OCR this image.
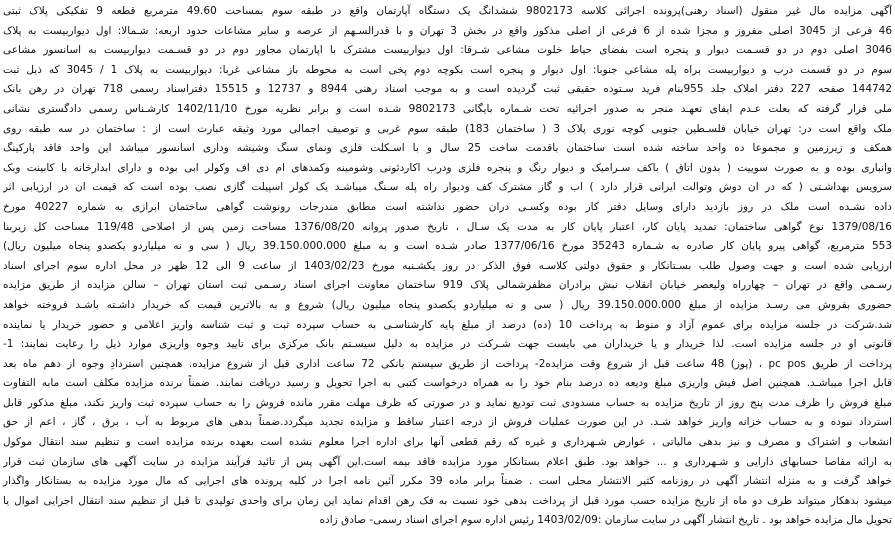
آگهی مزایده مال غیر منقول (اسناد رهنی)پرونده اجرائی کلاسه 9802173 ششدانگ یک دستگاه آپارتمان واقع در طبقه سوم بمساحت 49.60 مترمربع قطعه 9 تفکیکی پلاک ثبتی
46 فرعی از 3045 اصلی مفروز و مجزا شده از 6 فرعی از اصلی مذکور واقع در بخش 3 تهران و با قدرالسـهم از عرصه و سایر مشاعات حدود اربعه: شـمالا: اول دیواربیست به پلاک
3046 اصلی دوم در دو قسـمت دیوار و پنجره است بفضای حیاط خلوت مشاعی شـرقا: اول دیواربیست مشترک با اپارتمان مجاور دوم در دو قسـمت دیواربیست به اسانسور مشاعی
سوم در دو قسمت درب و دیواربیست براه پله مشاعی جنوبا: اول دیوار و پنجره است بکوچه دوم پخی است به محوطه باز مشاعی غربا: دیواربیست به پلاک 1 / 3045 که ذیل ثبت
144742 صفحه 227 دفتر املاک جلد 955بنام فرید سـتوده حقیقی ثبت گردیده است و به موجب اسناد رهنی 8944 و 12737 و 15515 دفتراسناد رسمی 718 تهران در رهن بانک
ملی قرار گرفته که بعلت عـدم ایفای تعهـد منجر به صدور اجرائیه تحت شـماره بایگانی 9802173 شـده است و برابر نظریه مورخ 1402/11/10 کارشـناس رسمی دادگستری نشانی
ملک واقع است در: تهران خیابان فلسـطین جنوبی کوچه نوری پلاک 3 ( ساختمان 183) طبقه سوم غربی و توصیف اجمالی مورد وثیقه عبارت است از : ساختمان در سه طبقه روی
همکف و زیرزمین و مجموعا ده واحد ساخته شده است ساختمان باقدمت ساخت 25 سال و با اسـکلت فلزی ونمای سنگ وشیشه وداری اسانسور میباشد این واحد فاقد پارکینگ
وانباری بوده و به صورت سوییت ( بدون اتاق ) باکف سـرامیک و دیوار رنگ و پنجره فلزی ودرب اکاردئونی وشومینه وکمدهای ام دی اف وکولر ابی بوده و دارای ابدارخانه با کابینت وبک
سرویس بهداشـتی ( که در ان دوش وتوالت ایرانی قرار دارد ) اب و گاز مشترک کف ودیوار راه پله سـنگ میباشـد یک کولر اسپیلت گازی نصب بوده است که قیمت ان در ارزیابی اثر
داده نشـده است ملک در روز بازدید دارای وسایل دفتر کار بوده وکسـی دران حضور نداشته است مطابق مندرجات رونوشت گواهی ساختمان ابرازی به شماره 40227 مورخ
1379/08/16 نوع گواهی ساختمان: تمدید پایان کار، اعتبار پایان کار به مدت یک سـال ، تاریخ صدور پروانه 1376/08/20 مساحت زمین پس از اصلاحی 119/48 مساحت کل زیربنا
553 مترمربع، گواهی پیرو پایان کار صادره به شـماره 35243 مورخ 1377/06/16 صادر شـده است و به مبلغ 39.150.000.000 ریال ( سی و نه میلیاردو یکصدو پنجاه میلیون ریال)
ارزیابی شده است و جهت وصول طلب بسـتانکار و حقوق دولتی کلاسـه فوق الذکر در روز یکشـنبه مورخ 1403/02/23 از ساعت 9 الی 12 ظهر در محل اداره سوم اجرای اسناد
رسـمی واقع در تهران – چهارراه ولیعصر خیابان انقلاب نبش برادران مظفرشمالی پلاک 919 ساختمان معاونت اجرای اسناد رسـمی ثبت استان تهران – سالن مزایده از طریق مزایده
حضوری بفروش می رسـد مزایده از مبلغ 39.150.000.000 ریال ( سی و نه میلیاردو یکصدو پنجاه میلیون ریال) شروع و به بالاترین قیمت که خریدار داشـته باشـد فروخته خواهد
شد.شرکت در جلسه مزایده برای عموم آزاد و منوط به پرداخت 10 (ده) درصد از مبلغ پایه کارشناسـی به حساب سپرده ثبت و ثبت شناسه واریز اعلامی و حضور خریدار یا نماینده
قانونی او در جلسه مزایده است. لذا خریدار و یا خریداران می بایست جهت شـرکت در مزایده به دلیل سیسـتم بانک مرکزی برای تایید وجوه واریزی موارد ذیل را رعایت نمایند: 1-
پرداخت از طریق pc pos ، (پوز) 48 ساعت قبل از شروع وقت مزایده2- پرداخت از طریق سیستم بانکی 72 ساعت اداری قبل از شروع مزایده. همچنین استردادِ وجوه از دهم ماه بعد
قابل اجرا میباشـد. همچنین اصل فیش واریزی مبلغ ودیعه ده درصد بنام خود را به همراه درخواست کتبی به اجرا تحویل و رسید دریافت نمایند. ضمناً برنده مزایده مکلف است مابه التفاوت
مبلغ فروش را ظرف مدت پنج روز از تاریخ مزایده به حساب مسدودی ثبت تودیع نماید و در صورتی که ظرف مهلت مقرر مانده فروش را به حساب سپرده ثبت واریز نکند، مبلغ مذکور قابل
استرداد نبوده و به حساب خزانه واریز خواهد شـد. در این صورت عملیات فروش از درجه اعتبار ساقط و مزایده تجدید میگردد.ضمناً بدهی های مربوط به آب ، برق ، گاز ، اعم از حق
انشعاب و اشتراک و مصرف و نیز بدهی مالیاتی ، عوارض شـهرداری و غیره که رقم قطعی آنها برای اداره اجرا معلوم نشده است بعهده برنده مزایده است و تنظیم سند انتقال موکول
به ارائه مفاصا حسابهای دارایی و شـهرداری و ... خواهد بود. طبق اعلام بستانکار مورد مزایده فاقد بیمه است.این آگهی پس از تائید فرآیند مزایده در سایت آگهی های سازمان ثبت قرار
خواهد گرفت و به منزله انتشار آگهی در روزنامه کثیر الانتشار محلی است . ضمناً برابر ماده 39 مکرر آئین نامه اجرا در کلیه پرونده های اجرایی که مال مورد مزایده به بستانکار واگذار
میشود بدهکار میتواند ظرف دو ماه از تاریخ مزایده حسب مورد قبل از پرداخت بدهی خود نسبت به فک رهن اقدام نماید این زمان برای واحدی تولیدی تا قبل از تنظیم سند انتقال اجرایی اموال یا
تحویل مال مزایده خواهد بود . تاریخ انتشار آگهی در سایت سازمان :1403/02/09 رئیس اداره سوم اجرای اسناد رسمی- صادق زاده
